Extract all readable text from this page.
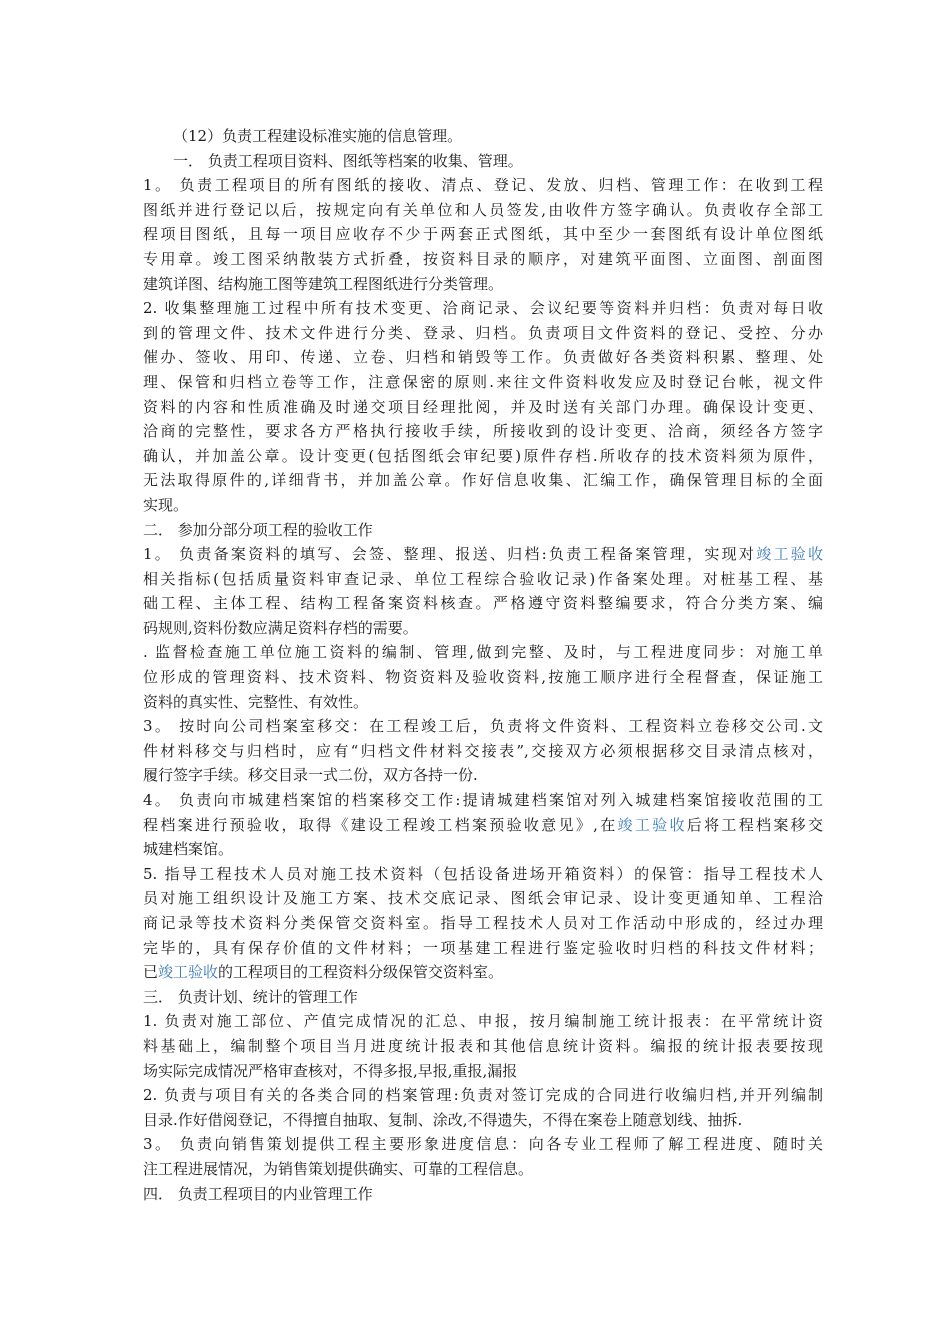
（12）负责工程建设标准实施的信息管理。
一． 负责工程项目资料、图纸等档案的收集、管理。
1。 负责工程项目的所有图纸的接收、清点、登记、发放、归档、管理工作：在收到工程
图纸并进行登记以后，按规定向有关单位和人员签发,由收件方签字确认。负责收存全部工
程项目图纸，且每一项目应收存不少于两套正式图纸，其中至少一套图纸有设计单位图纸
专用章。竣工图采纳散装方式折叠，按资料目录的顺序，对建筑平面图、立面图、剖面图
建筑详图、结构施工图等建筑工程图纸进行分类管理。
2. 收集整理施工过程中所有技术变更、洽商记录、会议纪要等资料并归档：负责对每日收
到的管理文件、技术文件进行分类、登录、归档。负责项目文件资料的登记、受控、分办
催办、签收、用印、传递、立卷、归档和销毁等工作。负责做好各类资料积累、整理、处
理、保管和归档立卷等工作，注意保密的原则.来往文件资料收发应及时登记台帐，视文件
资料的内容和性质准确及时递交项目经理批阅，并及时送有关部门办理。确保设计变更、
洽商的完整性，要求各方严格执行接收手续，所接收到的设计变更、洽商，须经各方签字
确认，并加盖公章。设计变更(包括图纸会审纪要)原件存档.所收存的技术资料须为原件，
无法取得原件的,详细背书，并加盖公章。作好信息收集、汇编工作，确保管理目标的全面
实现。
二． 参加分部分项工程的验收工作
1。 负责备案资料的填写、会签、整理、报送、归档:负责工程备案管理，实现对竣工验收
相关指标(包括质量资料审查记录、单位工程综合验收记录)作备案处理。对桩基工程、基
础工程、主体工程、结构工程备案资料核查。严格遵守资料整编要求，符合分类方案、编
码规则,资料份数应满足资料存档的需要。
. 监督检查施工单位施工资料的编制、管理,做到完整、及时，与工程进度同步：对施工单
位形成的管理资料、技术资料、物资资料及验收资料,按施工顺序进行全程督查，保证施工
资料的真实性、完整性、有效性。
3。 按时向公司档案室移交：在工程竣工后，负责将文件资料、工程资料立卷移交公司.文
件材料移交与归档时，应有“归档文件材料交接表”,交接双方必须根据移交目录清点核对，
履行签字手续。移交目录一式二份，双方各持一份.
4。 负责向市城建档案馆的档案移交工作:提请城建档案馆对列入城建档案馆接收范围的工
程档案进行预验收，取得《建设工程竣工档案预验收意见》,在竣工验收后将工程档案移交
城建档案馆。
5. 指导工程技术人员对施工技术资料（包括设备进场开箱资料）的保管：指导工程技术人
员对施工组织设计及施工方案、技术交底记录、图纸会审记录、设计变更通知单、工程洽
商记录等技术资料分类保管交资料室。指导工程技术人员对工作活动中形成的，经过办理
完毕的，具有保存价值的文件材料；一项基建工程进行鉴定验收时归档的科技文件材料；
已竣工验收的工程项目的工程资料分级保管交资料室。
三． 负责计划、统计的管理工作
1. 负责对施工部位、产值完成情况的汇总、申报，按月编制施工统计报表：在平常统计资
料基础上，编制整个项目当月进度统计报表和其他信息统计资料。编报的统计报表要按现
场实际完成情况严格审查核对，不得多报,早报,重报,漏报
2. 负责与项目有关的各类合同的档案管理:负责对签订完成的合同进行收编归档,并开列编制
目录.作好借阅登记，不得擅自抽取、复制、涂改,不得遗失，不得在案卷上随意划线、抽拆.
3。 负责向销售策划提供工程主要形象进度信息：向各专业工程师了解工程进度、随时关
注工程进展情况，为销售策划提供确实、可靠的工程信息。
四． 负责工程项目的内业管理工作
